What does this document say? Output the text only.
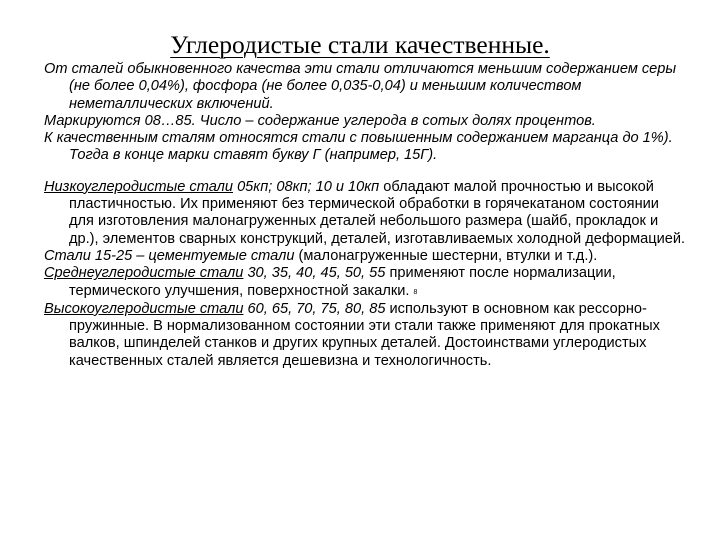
Углеродистые стали качественные.

От сталей обыкновенного качества эти стали отличаются меньшим содержанием серы (не более 0,04%), фосфора (не более 0,035-0,04) и меньшим количеством неметаллических включений.

Маркируются 08…85. Число – содержание углерода в сотых долях процентов.

К качественным сталям относятся стали с повышенным содержанием марганца до 1%). Тогда в конце марки ставят букву Г (например, 15Г).

Низкоуглеродистые стали 05кп; 08кп; 10 и 10кп обладают малой прочностью и высокой пластичностью. Их применяют без термической обработки в горячекатаном состоянии для изготовления малонагруженных деталей небольшого размера (шайб, прокладок и др.), элементов сварных конструкций, деталей, изготавливаемых холодной деформацией.

Стали 15-25 – цементуемые стали (малонагруженные шестерни, втулки и т.д.).

Среднеуглеродистые стали 30, 35, 40, 45, 50, 55 применяют после нормализации, термического улучшения, поверхностной закалки. 8

Высокоуглеродистые стали 60, 65, 70, 75, 80, 85 используют в основном как рессорно-пружинные. В нормализованном состоянии эти стали также применяют для прокатных валков, шпинделей станков и других крупных деталей. Достоинствами углеродистых качественных сталей является дешевизна и технологичность.
